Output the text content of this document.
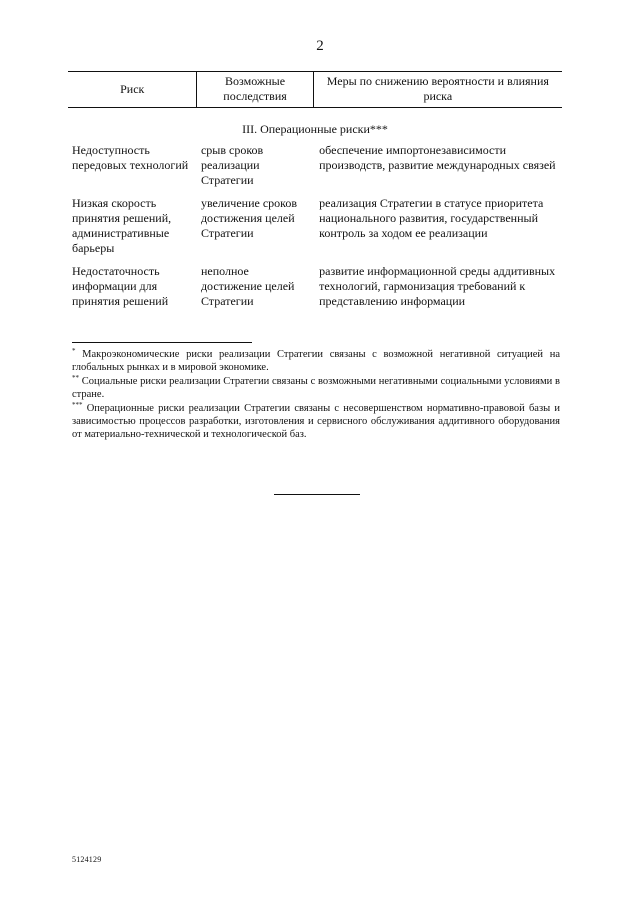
2
Риск	Возможные последствия	Меры по снижению вероятности и влияния риска
III. Операционные риски***		
Недоступность передовых технологий	срыв сроков реализации Стратегии	обеспечение импортонезависимости производств, развитие международных связей
Низкая скорость принятия решений, административные барьеры	увеличение сроков достижения целей Стратегии	реализация Стратегии в статусе приоритета национального развития, государственный контроль за ходом ее реализации
Недостаточность информации для принятия решений	неполное достижение целей Стратегии	развитие информационной среды аддитивных технологий, гармонизация требований к представлению информации

* Макроэкономические риски реализации Стратегии связаны с возможной негативной ситуацией на глобальных рынках и в мировой экономике.

** Социальные риски реализации Стратегии связаны с возможными негативными социальными условиями в стране.

*** Операционные риски реализации Стратегии связаны с несовершенством нормативно-правовой базы и зависимостью процессов разработки, изготовления и сервисного обслуживания аддитивного оборудования от материально-технической и технологической баз.

5124129
